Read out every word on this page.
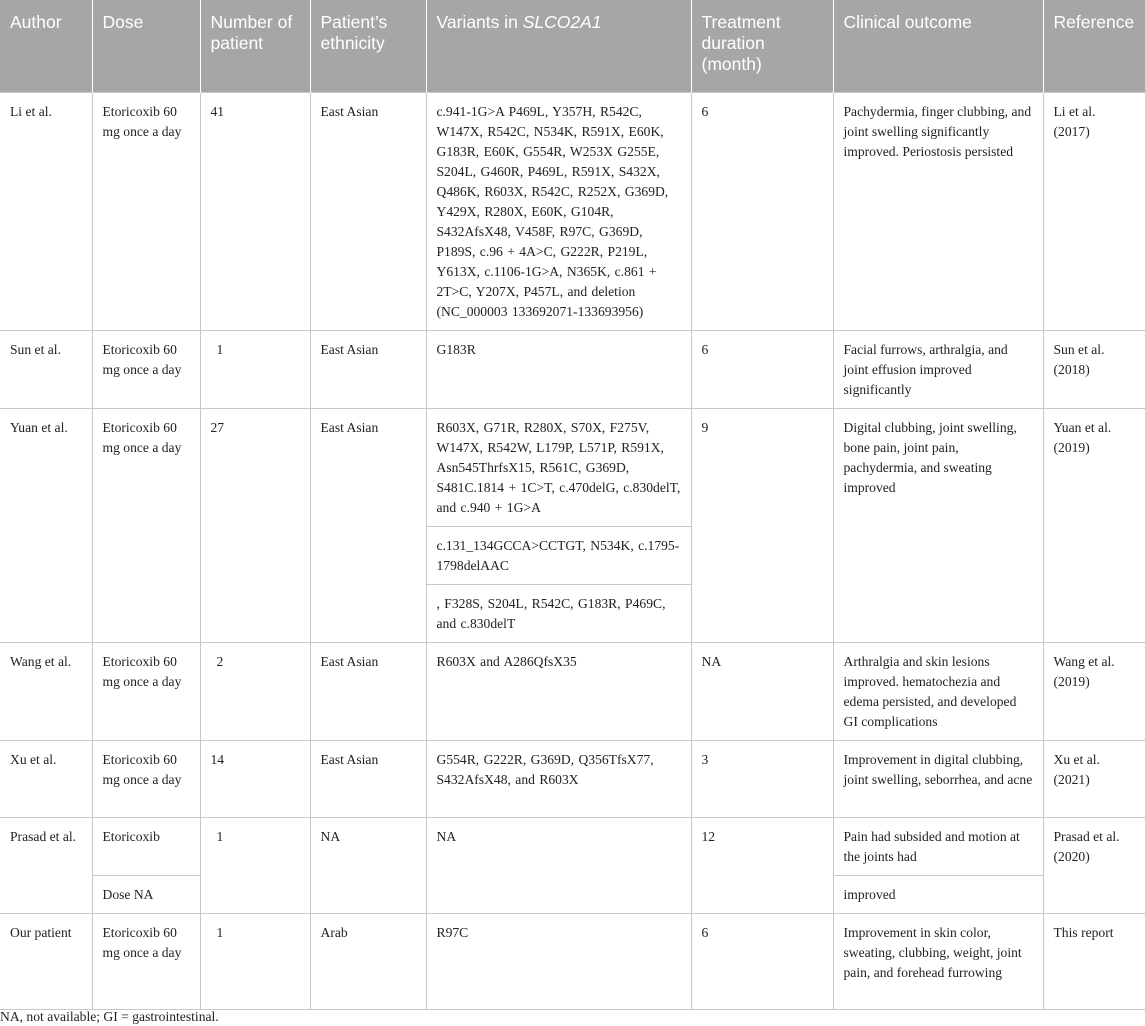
Author	Dose	Number of patient	Patient’s ethnicity	Variants in SLCO2A1	Treatment duration (month)	Clinical outcome	Reference
Li et al.	Etoricoxib 60 mg once a day	41	East Asian	c.941-1G>A P469L, Y357H, R542C, W147X, R542C, N534K, R591X, E60K, G183R, E60K, G554R, W253X G255E, S204L, G460R, P469L, R591X, S432X, Q486K, R603X, R542C, R252X, G369D, Y429X, R280X, E60K, G104R, S432AfsX48, V458F, R97C, G369D, P189S, c.96 + 4A>C, G222R, P219L, Y613X, c.1106-1G>A, N365K, c.861 + 2T>C, Y207X, P457L, and deletion (NC_000003 133692071-133693956)	6	Pachydermia, finger clubbing, and joint swelling significantly improved. Periostosis persisted	Li et al. (2017)
Sun et al.	Etoricoxib 60 mg once a day	1	East Asian	G183R	6	Facial furrows, arthralgia, and joint effusion improved significantly	Sun et al. (2018)
Yuan et al.	Etoricoxib 60 mg once a day	27	East Asian	R603X, G71R, R280X, S70X, F275V, W147X, R542W, L179P, L571P, R591X, Asn545ThrfsX15, R561C, G369D, S481C.1814 + 1C>T, c.470delG, c.830delT, and c.940 + 1G>A	9	Digital clubbing, joint swelling, bone pain, joint pain, pachydermia, and sweating improved	Yuan et al. (2019)
				c.131_134GCCA>CCTGT, N534K, c.1795-1798delAAC			
				, F328S, S204L, R542C, G183R, P469C, and c.830delT			
Wang et al.	Etoricoxib 60 mg once a day	2	East Asian	R603X and A286QfsX35	NA	Arthralgia and skin lesions improved. hematochezia and edema persisted, and developed GI complications	Wang et al. (2019)
Xu et al.	Etoricoxib 60 mg once a day	14	East Asian	G554R, G222R, G369D, Q356TfsX77, S432AfsX48, and R603X	3	Improvement in digital clubbing, joint swelling, seborrhea, and acne	Xu et al. (2021)
Prasad et al.	Etoricoxib	1	NA	NA	12	Pain had subsided and motion at the joints had	Prasad et al. (2020)
	Dose NA					improved	
Our patient	Etoricoxib 60 mg once a day	1	Arab	R97C	6	Improvement in skin color, sweating, clubbing, weight, joint pain, and forehead furrowing	This report
NA, not available; GI = gastrointestinal.
